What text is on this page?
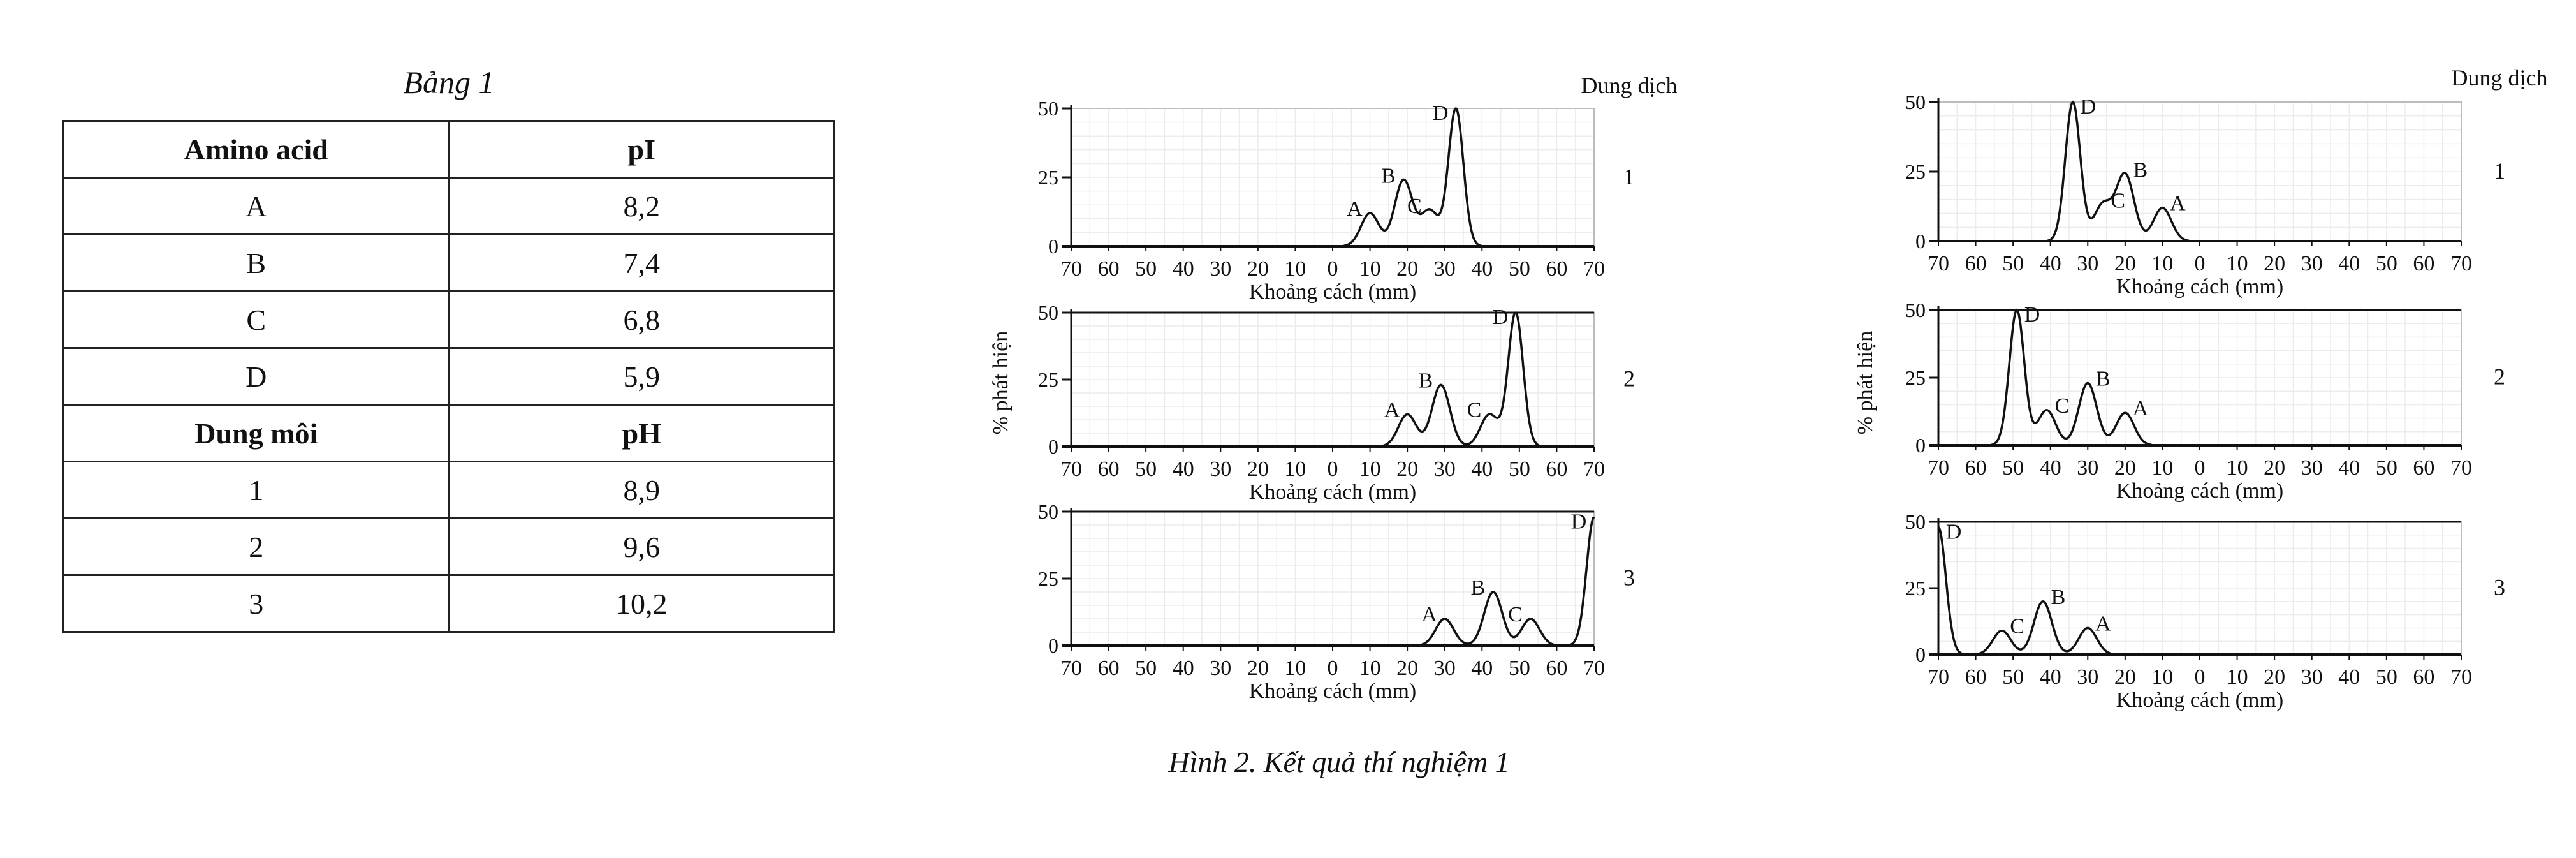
Bảng 1
Amino acid	pI
A	8,2
B	7,4
C	6,8
D	5,9
Dung môi	pH
1	8,9
2	9,6
3	10,2
Dung dịch
% phát hiện
0
25
50
70 60 50 40 30 20 10 0 10 20 30 40 50 60 70
Khoảng cách (mm)
1
A
B
C
D
0
25
50
70 60 50 40 30 20 10 0 10 20 30 40 50 60 70
Khoảng cách (mm)
2
A
B
C
D
0
25
50
70 60 50 40 30 20 10 0 10 20 30 40 50 60 70
Khoảng cách (mm)
3
A
B
C
D
Dung dịch
% phát hiện
0
25
50
70 60 50 40 30 20 10 0 10 20 30 40 50 60 70
Khoảng cách (mm)
1
D
C
B
A
0
25
50
70 60 50 40 30 20 10 0 10 20 30 40 50 60 70
Khoảng cách (mm)
2
D
C
B
A
0
25
50
70 60 50 40 30 20 10 0 10 20 30 40 50 60 70
Khoảng cách (mm)
3
D
C
B
A
Hình 2. Kết quả thí nghiệm 1
